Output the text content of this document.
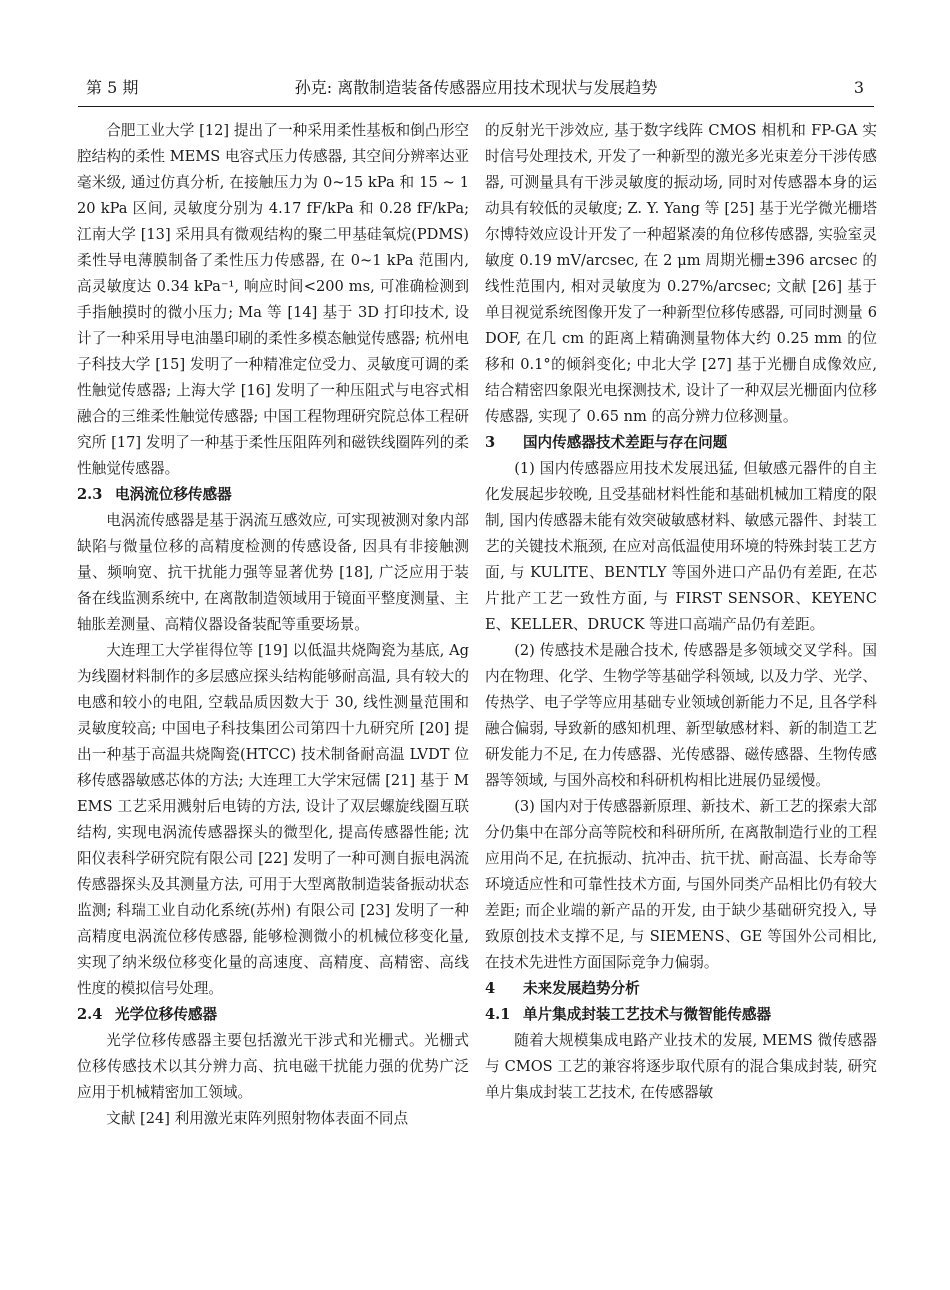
第 5 期	孙克: 离散制造装备传感器应用技术现状与发展趋势	3

合肥工业大学 [12] 提出了一种采用柔性基板和倒凸形空腔结构的柔性 MEMS 电容式压力传感器, 其空间分辨率达亚毫米级, 通过仿真分析, 在接触压力为 0~15 kPa 和 15 ~ 120 kPa 区间, 灵敏度分别为 4.17 fF/kPa 和 0.28 fF/kPa; 江南大学 [13] 采用具有微观结构的聚二甲基硅氧烷(PDMS) 柔性导电薄膜制备了柔性压力传感器, 在 0~1 kPa 范围内, 高灵敏度达 0.34 kPa⁻¹, 响应时间<200 ms, 可准确检测到手指触摸时的微小压力; Ma 等 [14] 基于 3D 打印技术, 设计了一种采用导电油墨印刷的柔性多模态触觉传感器; 杭州电子科技大学 [15] 发明了一种精准定位受力、灵敏度可调的柔性触觉传感器; 上海大学 [16] 发明了一种压阻式与电容式相融合的三维柔性触觉传感器; 中国工程物理研究院总体工程研究所 [17] 发明了一种基于柔性压阻阵列和磁铁线圈阵列的柔性触觉传感器。

2.3 电涡流位移传感器

电涡流传感器是基于涡流互感效应, 可实现被测对象内部缺陷与微量位移的高精度检测的传感设备, 因具有非接触测量、频响宽、抗干扰能力强等显著优势 [18], 广泛应用于装备在线监测系统中, 在离散制造领域用于镜面平整度测量、主轴胀差测量、高精仪器设备装配等重要场景。

大连理工大学崔得位等 [19] 以低温共烧陶瓷为基底, Ag 为线圈材料制作的多层感应探头结构能够耐高温, 具有较大的电感和较小的电阻, 空载品质因数大于 30, 线性测量范围和灵敏度较高; 中国电子科技集团公司第四十九研究所 [20] 提出一种基于高温共烧陶瓷(HTCC) 技术制备耐高温 LVDT 位移传感器敏感芯体的方法; 大连理工大学宋冠儒 [21] 基于 MEMS 工艺采用溅射后电铸的方法, 设计了双层螺旋线圈互联结构, 实现电涡流传感器探头的微型化, 提高传感器性能; 沈阳仪表科学研究院有限公司 [22] 发明了一种可测自振电涡流传感器探头及其测量方法, 可用于大型离散制造装备振动状态监测; 科瑞工业自动化系统(苏州) 有限公司 [23] 发明了一种高精度电涡流位移传感器, 能够检测微小的机械位移变化量, 实现了纳米级位移变化量的高速度、高精度、高精密、高线性度的模拟信号处理。

2.4 光学位移传感器

光学位移传感器主要包括激光干涉式和光栅式。光栅式位移传感技术以其分辨力高、抗电磁干扰能力强的优势广泛应用于机械精密加工领域。

文献 [24] 利用激光束阵列照射物体表面不同点

的反射光干涉效应, 基于数字线阵 CMOS 相机和 FP-GA 实时信号处理技术, 开发了一种新型的激光多光束差分干涉传感器, 可测量具有干涉灵敏度的振动场, 同时对传感器本身的运动具有较低的灵敏度; Z. Y. Yang 等 [25] 基于光学微光栅塔尔博特效应设计开发了一种超紧凑的角位移传感器, 实验室灵敏度 0.19 mV/arcsec, 在 2 μm 周期光栅±396 arcsec 的线性范围内, 相对灵敏度为 0.27%/arcsec; 文献 [26] 基于单目视觉系统图像开发了一种新型位移传感器, 可同时测量 6DOF, 在几 cm 的距离上精确测量物体大约 0.25 mm 的位移和 0.1°的倾斜变化; 中北大学 [27] 基于光栅自成像效应, 结合精密四象限光电探测技术, 设计了一种双层光栅面内位移传感器, 实现了 0.65 nm 的高分辨力位移测量。

3 国内传感器技术差距与存在问题

(1) 国内传感器应用技术发展迅猛, 但敏感元器件的自主化发展起步较晚, 且受基础材料性能和基础机械加工精度的限制, 国内传感器未能有效突破敏感材料、敏感元器件、封装工艺的关键技术瓶颈, 在应对高低温使用环境的特殊封装工艺方面, 与 KULITE、BENTLY 等国外进口产品仍有差距, 在芯片批产工艺一致性方面, 与 FIRST SENSOR、KEYENCE、KELLER、DRUCK 等进口高端产品仍有差距。

(2) 传感技术是融合技术, 传感器是多领域交叉学科。国内在物理、化学、生物学等基础学科领域, 以及力学、光学、传热学、电子学等应用基础专业领域创新能力不足, 且各学科融合偏弱, 导致新的感知机理、新型敏感材料、新的制造工艺研发能力不足, 在力传感器、光传感器、磁传感器、生物传感器等领域, 与国外高校和科研机构相比进展仍显缓慢。

(3) 国内对于传感器新原理、新技术、新工艺的探索大部分仍集中在部分高等院校和科研所所, 在离散制造行业的工程应用尚不足, 在抗振动、抗冲击、抗干扰、耐高温、长寿命等环境适应性和可靠性技术方面, 与国外同类产品相比仍有较大差距; 而企业端的新产品的开发, 由于缺少基础研究投入, 导致原创技术支撑不足, 与 SIEMENS、GE 等国外公司相比, 在技术先进性方面国际竞争力偏弱。

4 未来发展趋势分析

4.1 单片集成封装工艺技术与微智能传感器

随着大规模集成电路产业技术的发展, MEMS 微传感器与 CMOS 工艺的兼容将逐步取代原有的混合集成封装, 研究单片集成封装工艺技术, 在传感器敏
